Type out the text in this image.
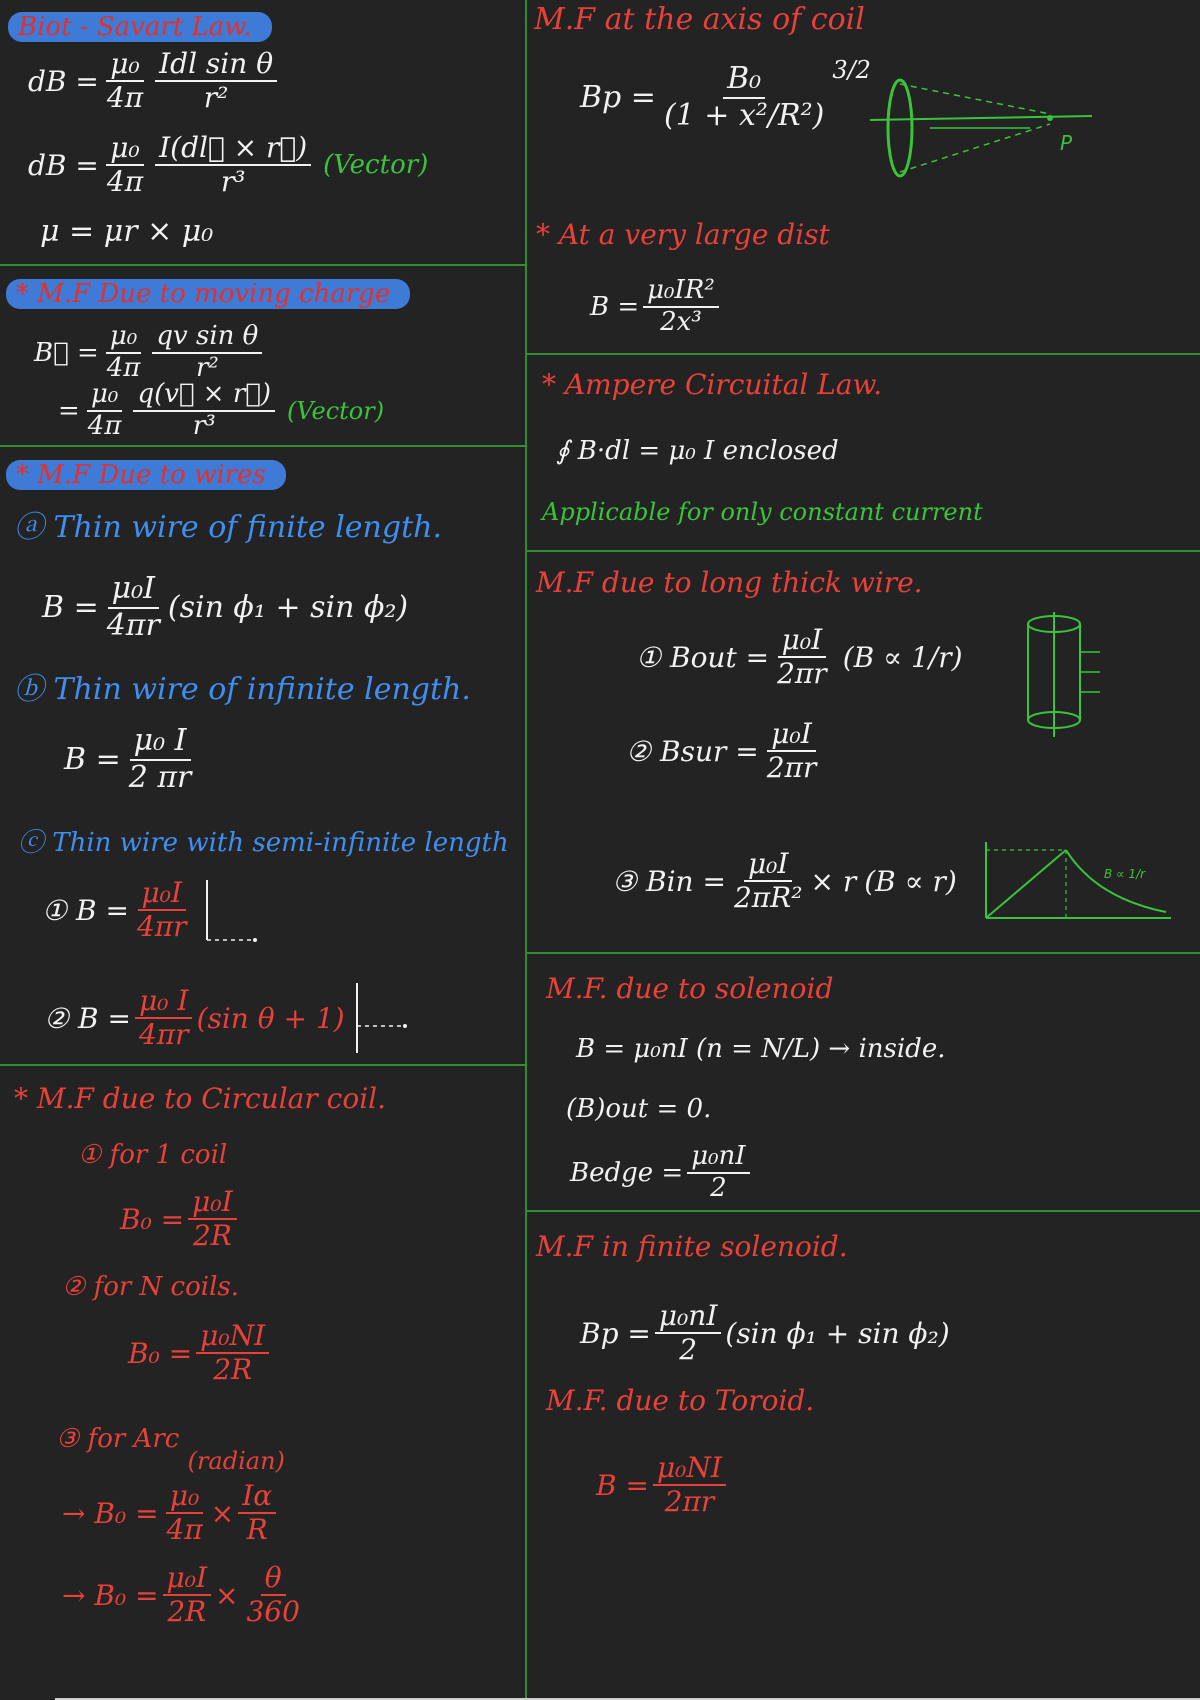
Biot - Savart Law.
dB = $\frac{\text{μ₀}}{4\pi} \frac{\text{Idl sin θ}}{\text{r²}}$
dB = $\frac{\text{μ₀}}{4\pi} \frac{I(dl⃗ \times r⃗)}{\text{r³}}$ (Vector)
μ = μr × μ₀
* M.F Due to moving charge
B⃗ = $\frac{\text{μ₀}}{4\pi} \frac{\text{qv sin θ}}{\text{r²}}$
= $\frac{\text{μ₀}}{4\pi} \frac{q(v⃗ \times r⃗)}{\text{r³}}$ (Vector)
* M.F Due to wires
ⓐ Thin wire of finite length.
$B = \frac{\text{μ₀I}}{4\pi r} (\sin$ ϕ₁ + sin ϕ₂)
ⓑ Thin wire of infinite length.
$B = \frac{\text{μ₀ I}}{2 \pi r}$
ⓒ Thin wire with semi-infinite length
① $B = \frac{\text{μ₀I}}{4\pi r}$
② $B = \frac{\text{μ₀ I}}{4\pi r} (\sin$ θ + 1)
* M.F due to Circular coil.
① for 1 coil
$B_0 = \frac{\text{μ₀I}}{2R}$
② for N coils.
$B_0 = \frac{\text{μ₀NI}}{2R}$
③ for Arc (radian)
→ $B_0 = \frac{\text{μ₀}}{4\pi} \times \frac{I\alpha}{R}$
→ $B_0 = \frac{\text{μ₀I}}{2R} \times \frac{\theta}{360}$
M.F at the axis of coil
$Bp = \frac{\text{B₀}}{\text{(1 + x²/R²)}}^{3/2}$
P
* At a very large dist
$B = \frac{\text{μ₀IR²}}{\text{2x³}}$
* Ampere Circuital Law.
∮ B·dl = μ₀ I enclosed
Applicable for only constant current
M.F due to long thick wire.
① Bout = $\frac{\text{μ₀I}}{2\pi r} (B \propto 1/r)$
② Bsur = $\frac{\text{μ₀I}}{2\pi r}$
③ Bin = $\frac{\text{μ₀I}}{\text{2πR²}} \times r$ (B ∝ r)	B ∝ 1/r
M.F. due to solenoid
B = μ₀nI (n = N/L) → inside.
(B)out = 0.
Bedge = $\frac{\text{μ₀nI}}{2}$
M.F in finite solenoid.
$Bp = \frac{\text{μ₀nI}}{2} (\sin$ ϕ₁ + sin ϕ₂)
M.F. due to Toroid.
$B = \frac{\text{μ₀NI}}{2\pi r}$
